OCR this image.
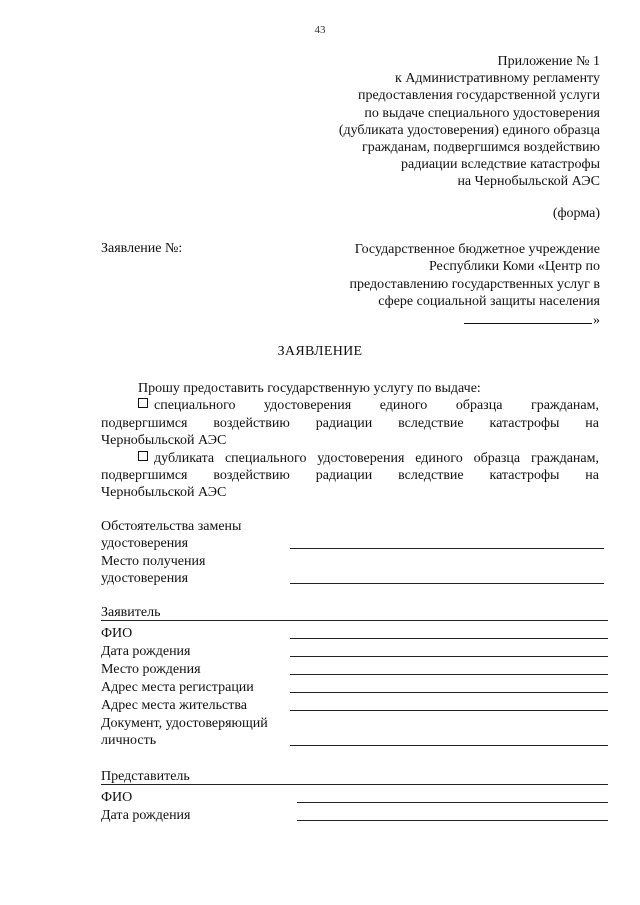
43
Приложение № 1
к Административному регламенту
предоставления государственной услуги
по выдаче специального удостоверения
(дубликата удостоверения) единого образца
гражданам, подвергшимся воздействию
радиации вследствие катастрофы
на Чернобыльской АЭС
(форма)
Заявление №:	Государственное бюджетное учреждение
Республики Коми «Центр по
предоставлению государственных услуг в
сфере социальной защиты населения
»
ЗАЯВЛЕНИЕ
Прошу предоставить государственную услугу по выдаче:
специального удостоверения единого образца гражданам,
подвергшимся воздействию радиации вследствие катастрофы на
Чернобыльской АЭС
дубликата специального удостоверения единого образца гражданам,
подвергшимся воздействию радиации вследствие катастрофы на
Чернобыльской АЭС
Обстоятельства замены
удостоверения
Место получения
удостоверения
Заявитель
ФИО
Дата рождения
Место рождения
Адрес места регистрации
Адрес места жительства
Документ, удостоверяющий
личность
Представитель
ФИО
Дата рождения
